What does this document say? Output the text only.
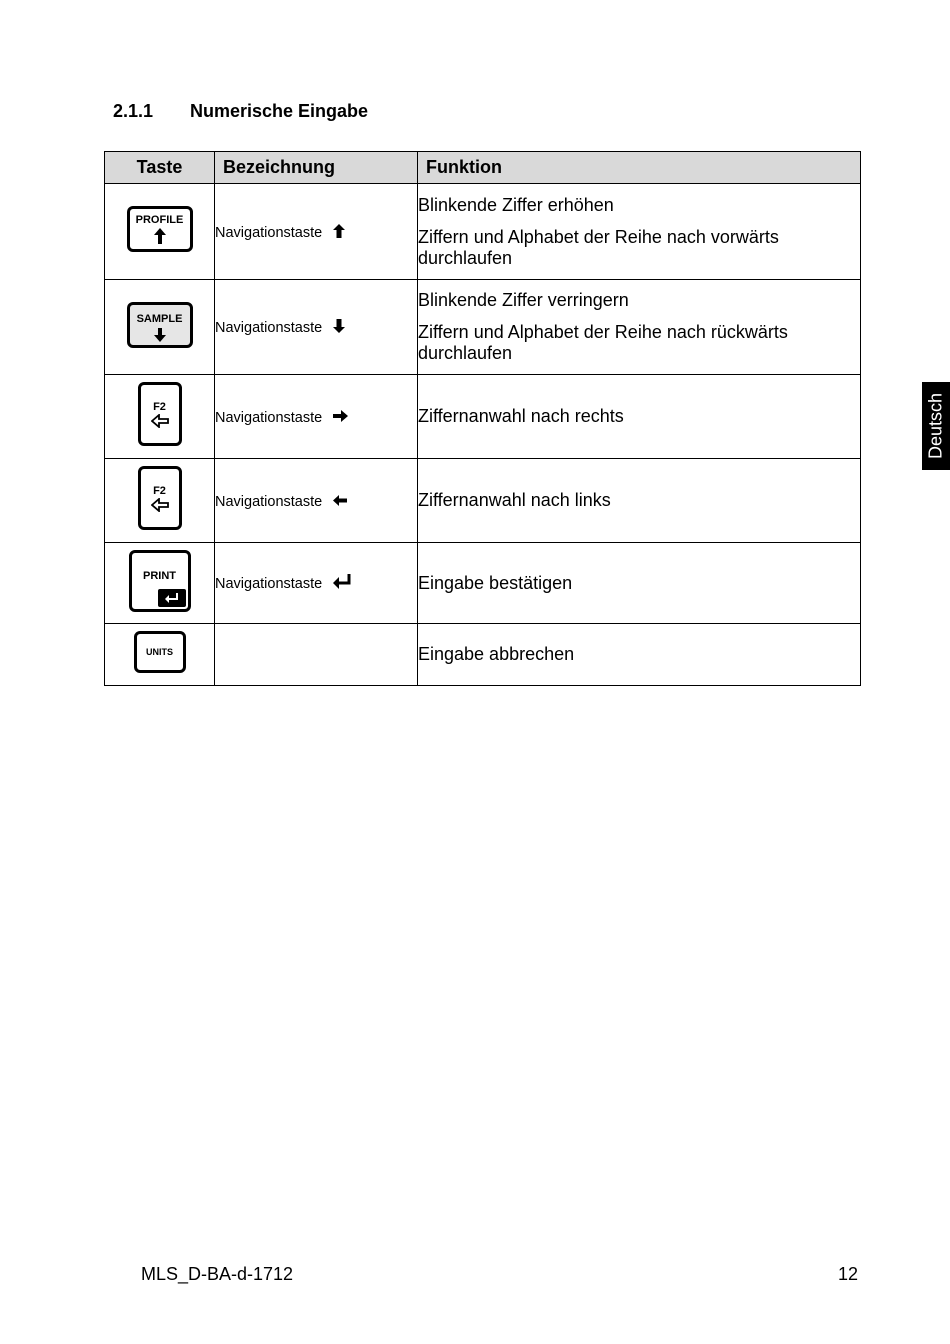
2.1.1 Numerische Eingabe
Taste	Bezeichnung	Funktion

PROFILE	Navigationstaste	Blinkende Ziffer erhöhen

Ziffern und Alphabet der Reihe nach vorwärts durchlaufen

SAMPLE	Navigationstaste	Blinkende Ziffer verringern

Ziffern und Alphabet der Reihe nach rückwärts durchlaufen

F2	Navigationstaste	Ziffernanwahl nach rechts

F2	Navigationstaste	Ziffernanwahl nach links

PRINT	Navigationstaste	Eingabe bestätigen

UNITS		Eingabe abbrechen

Deutsch
MLS_D-BA-d-1712	12
